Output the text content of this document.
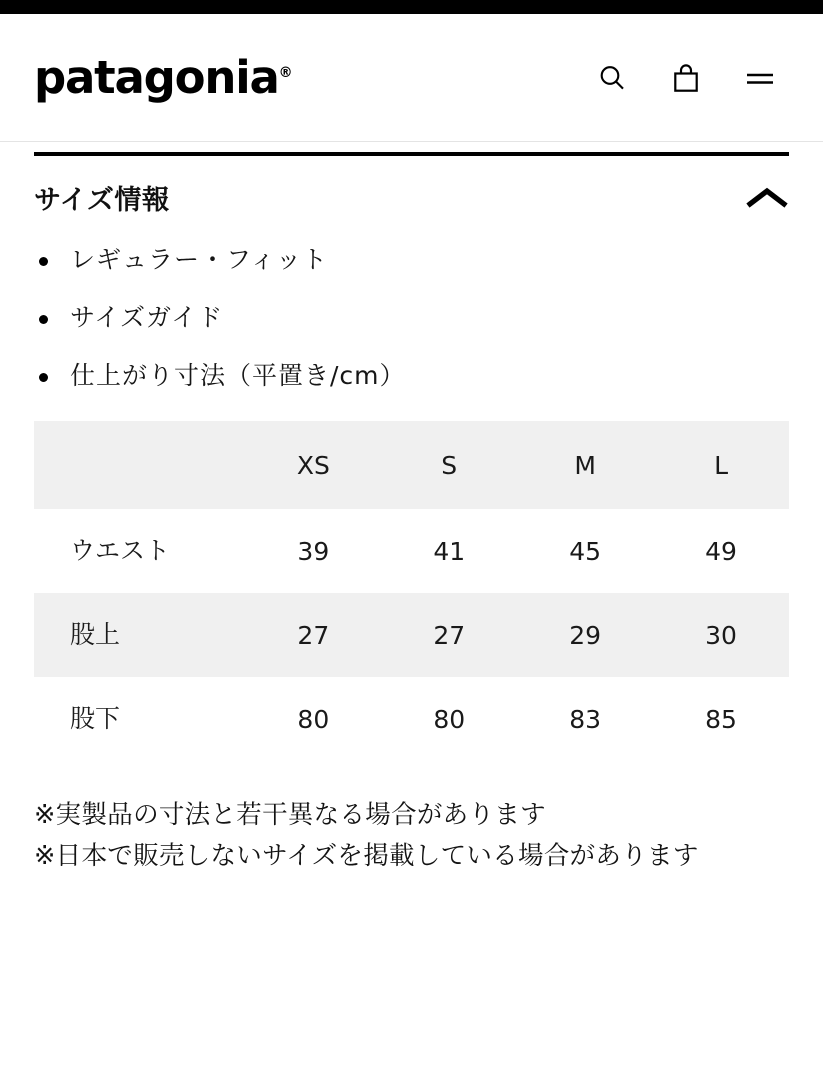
patagonia®
サイズ情報
レギュラー・フィット
サイズガイド
仕上がり寸法（平置き/cm）
	XS	S	M	L
ウエスト	39	41	45	49
股上	27	27	29	30
股下	80	80	83	85
※実製品の寸法と若干異なる場合があります
※日本で販売しないサイズを掲載している場合があります
